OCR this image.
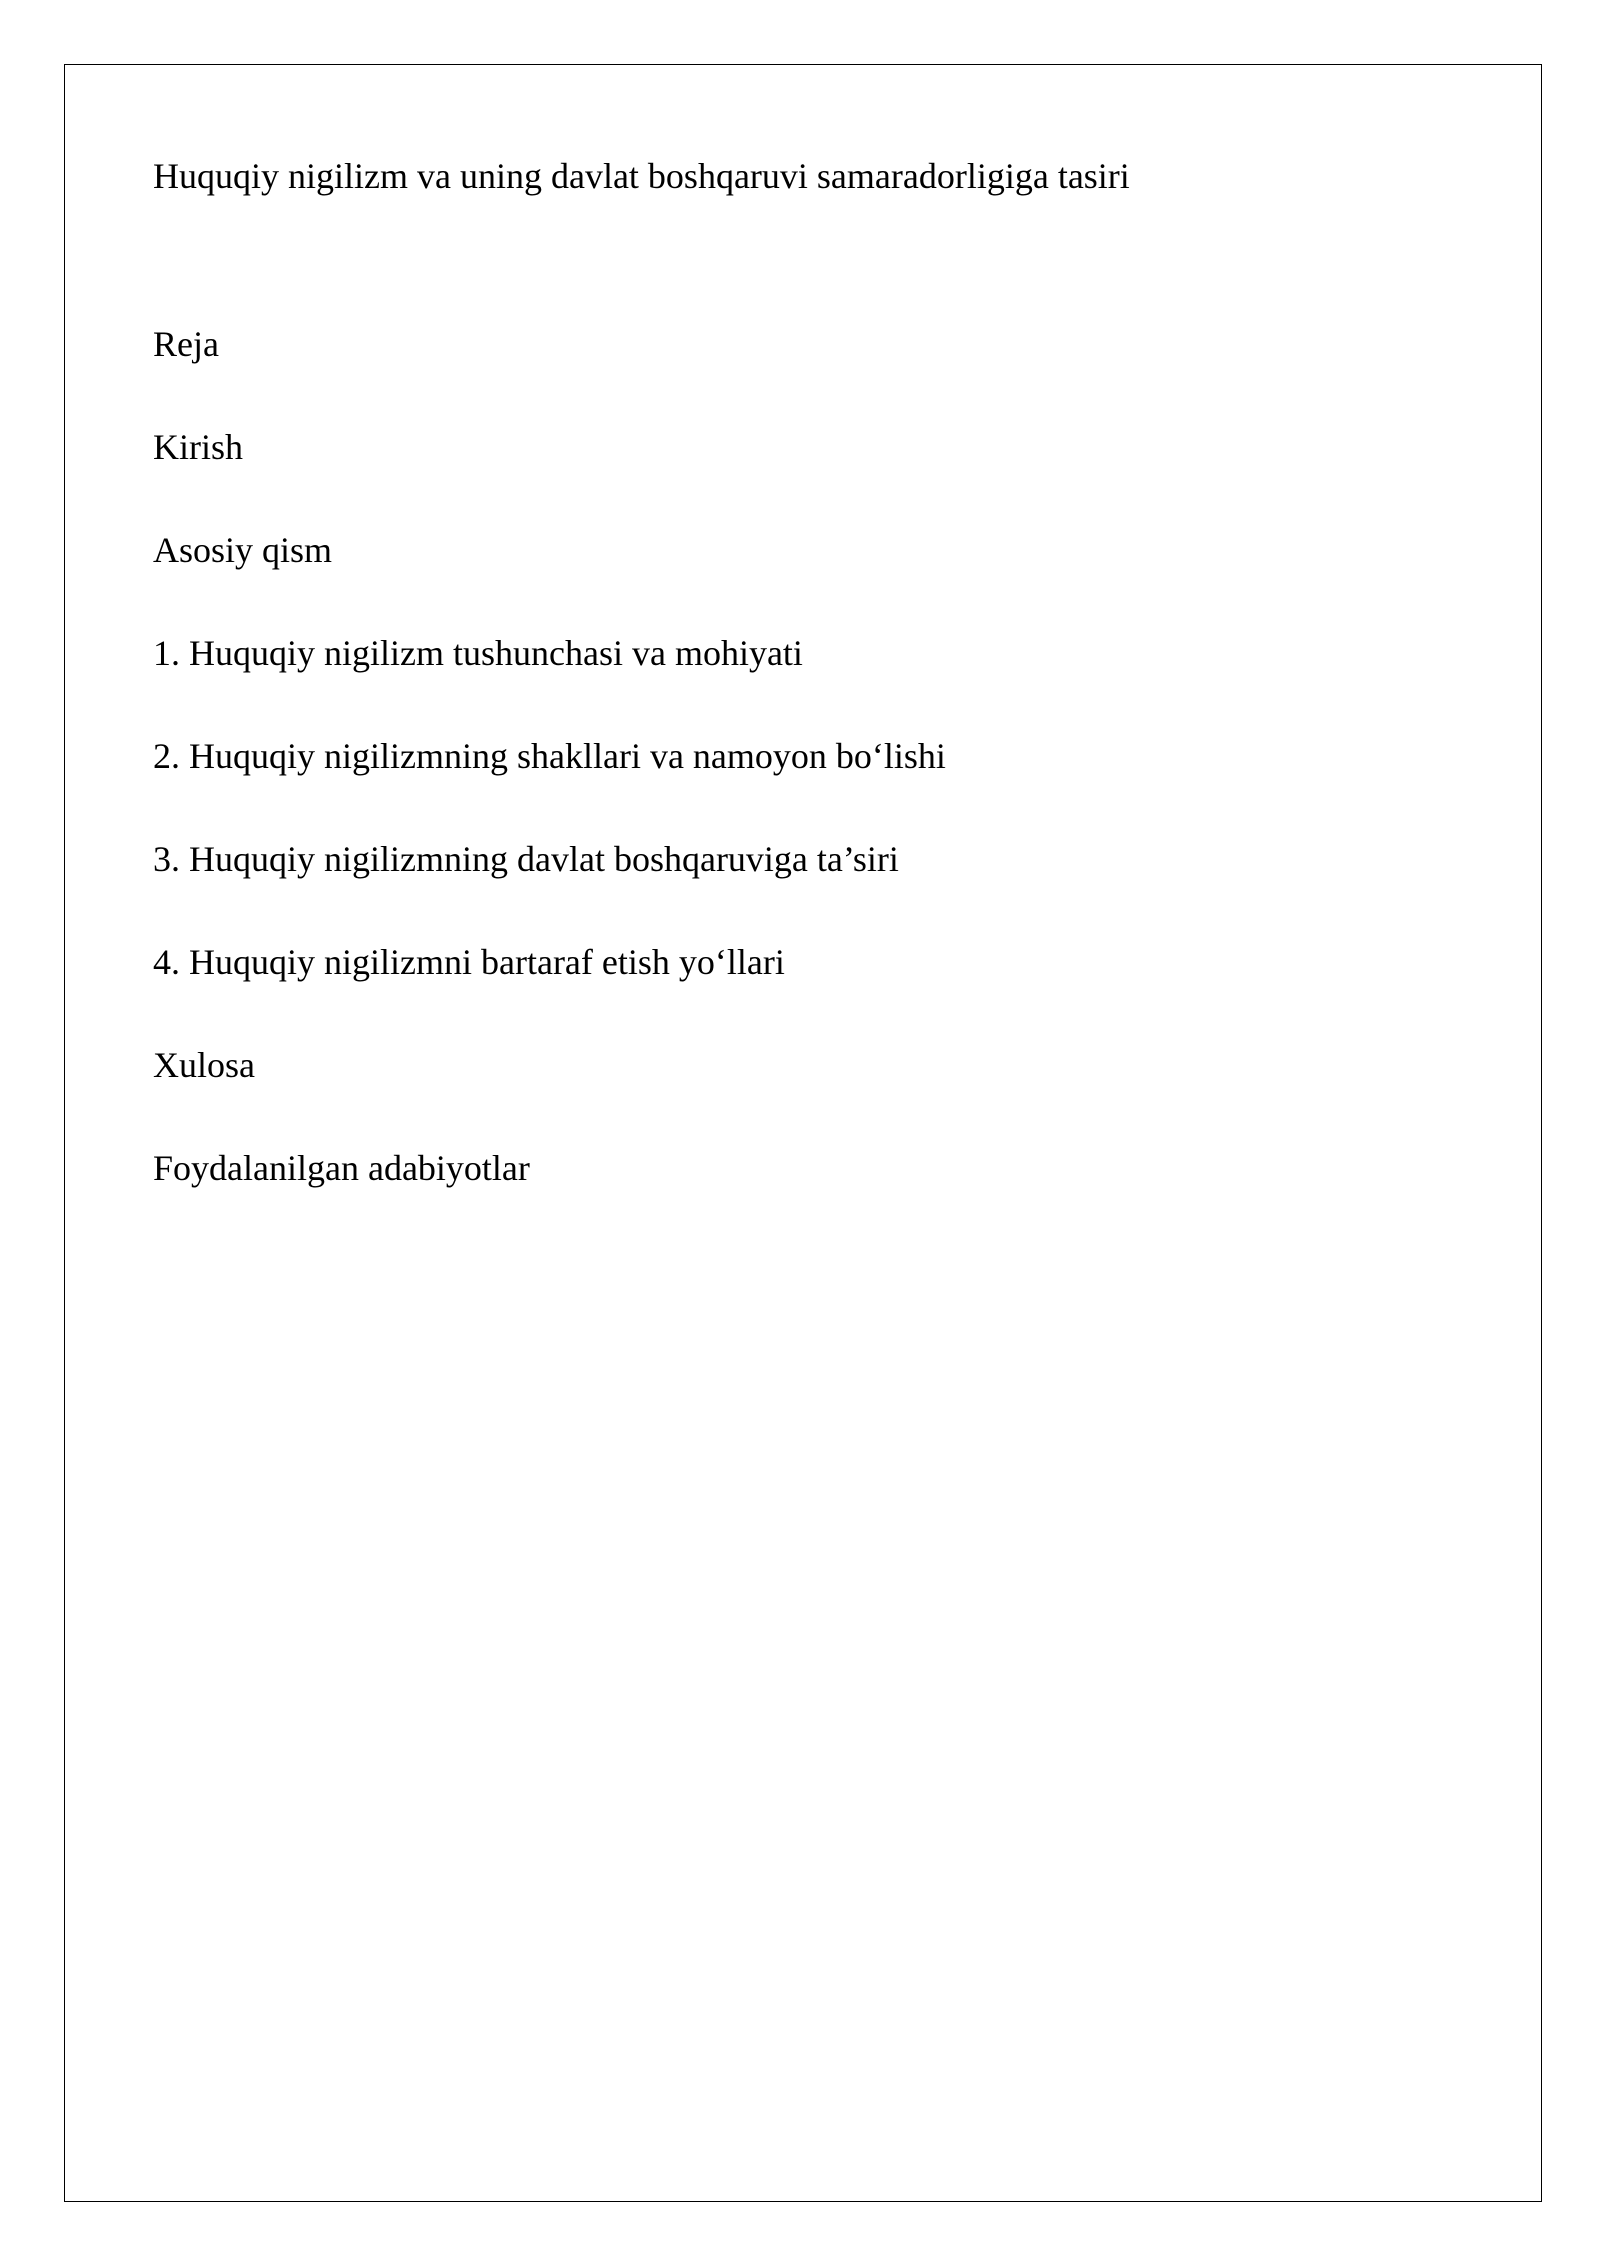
Huquqiy nigilizm va uning davlat boshqaruvi samaradorligiga tasiri
Reja
Kirish
Asosiy qism
1. Huquqiy nigilizm tushunchasi va mohiyati
2. Huquqiy nigilizmning shakllari va namoyon bo‘lishi
3. Huquqiy nigilizmning davlat boshqaruviga ta’siri
4. Huquqiy nigilizmni bartaraf etish yo‘llari
Xulosa
Foydalanilgan adabiyotlar
